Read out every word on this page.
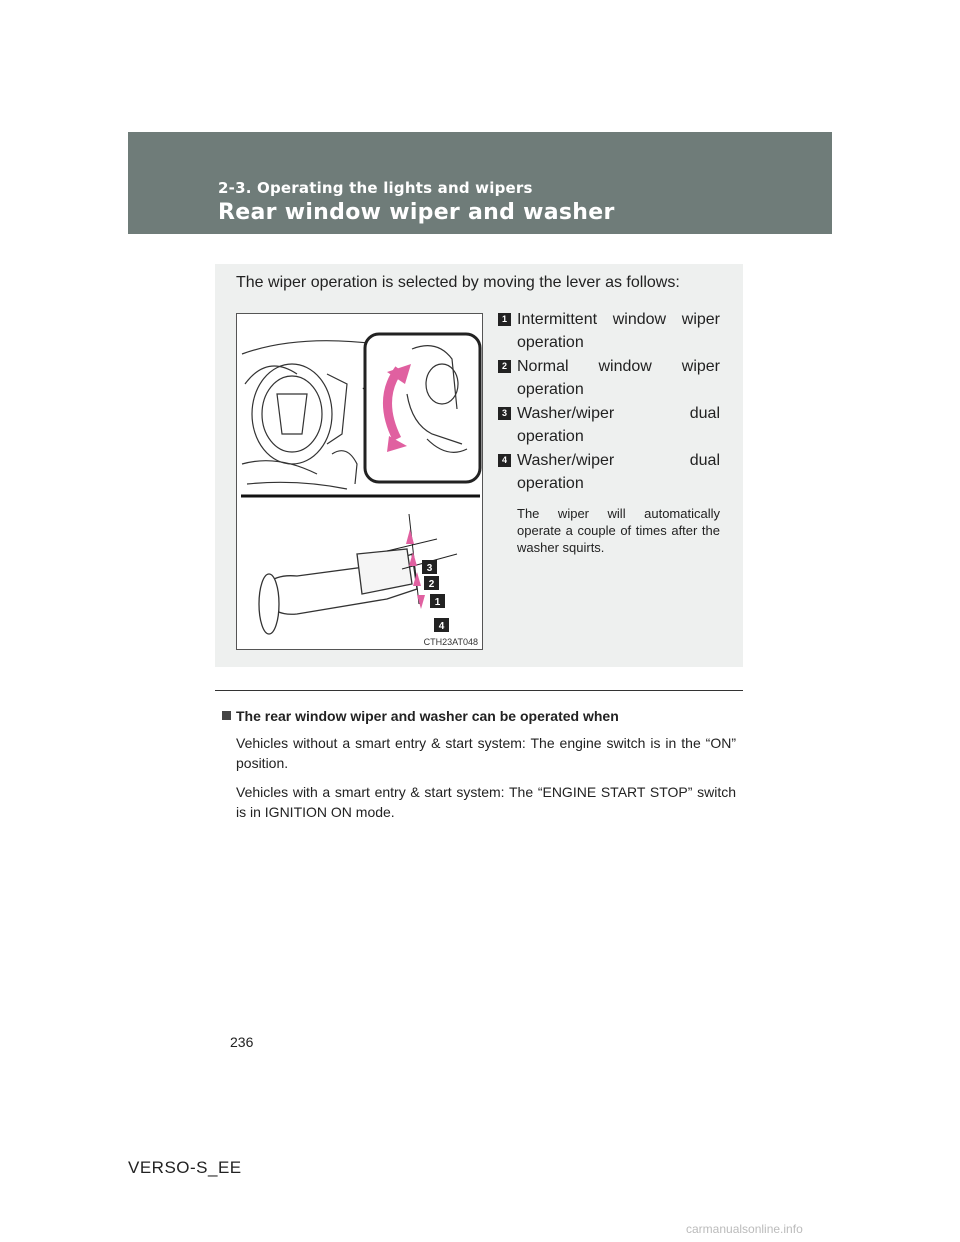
2-3. Operating the lights and wipers
Rear window wiper and washer
The wiper operation is selected by moving the lever as follows:
3
2
1
4
CTH23AT048
1 Intermittent window wiper operation
2 Normal window wiper operation
3 Washer/wiper dual operation
4 Washer/wiper dual operation
The wiper will automatically operate a couple of times after the washer squirts.
The rear window wiper and washer can be operated when
Vehicles without a smart entry & start system: The engine switch is in the “ON” position.
Vehicles with a smart entry & start system: The “ENGINE START STOP” switch is in IGNITION ON mode.
236
VERSO-S_EE
carmanualsonline.info
